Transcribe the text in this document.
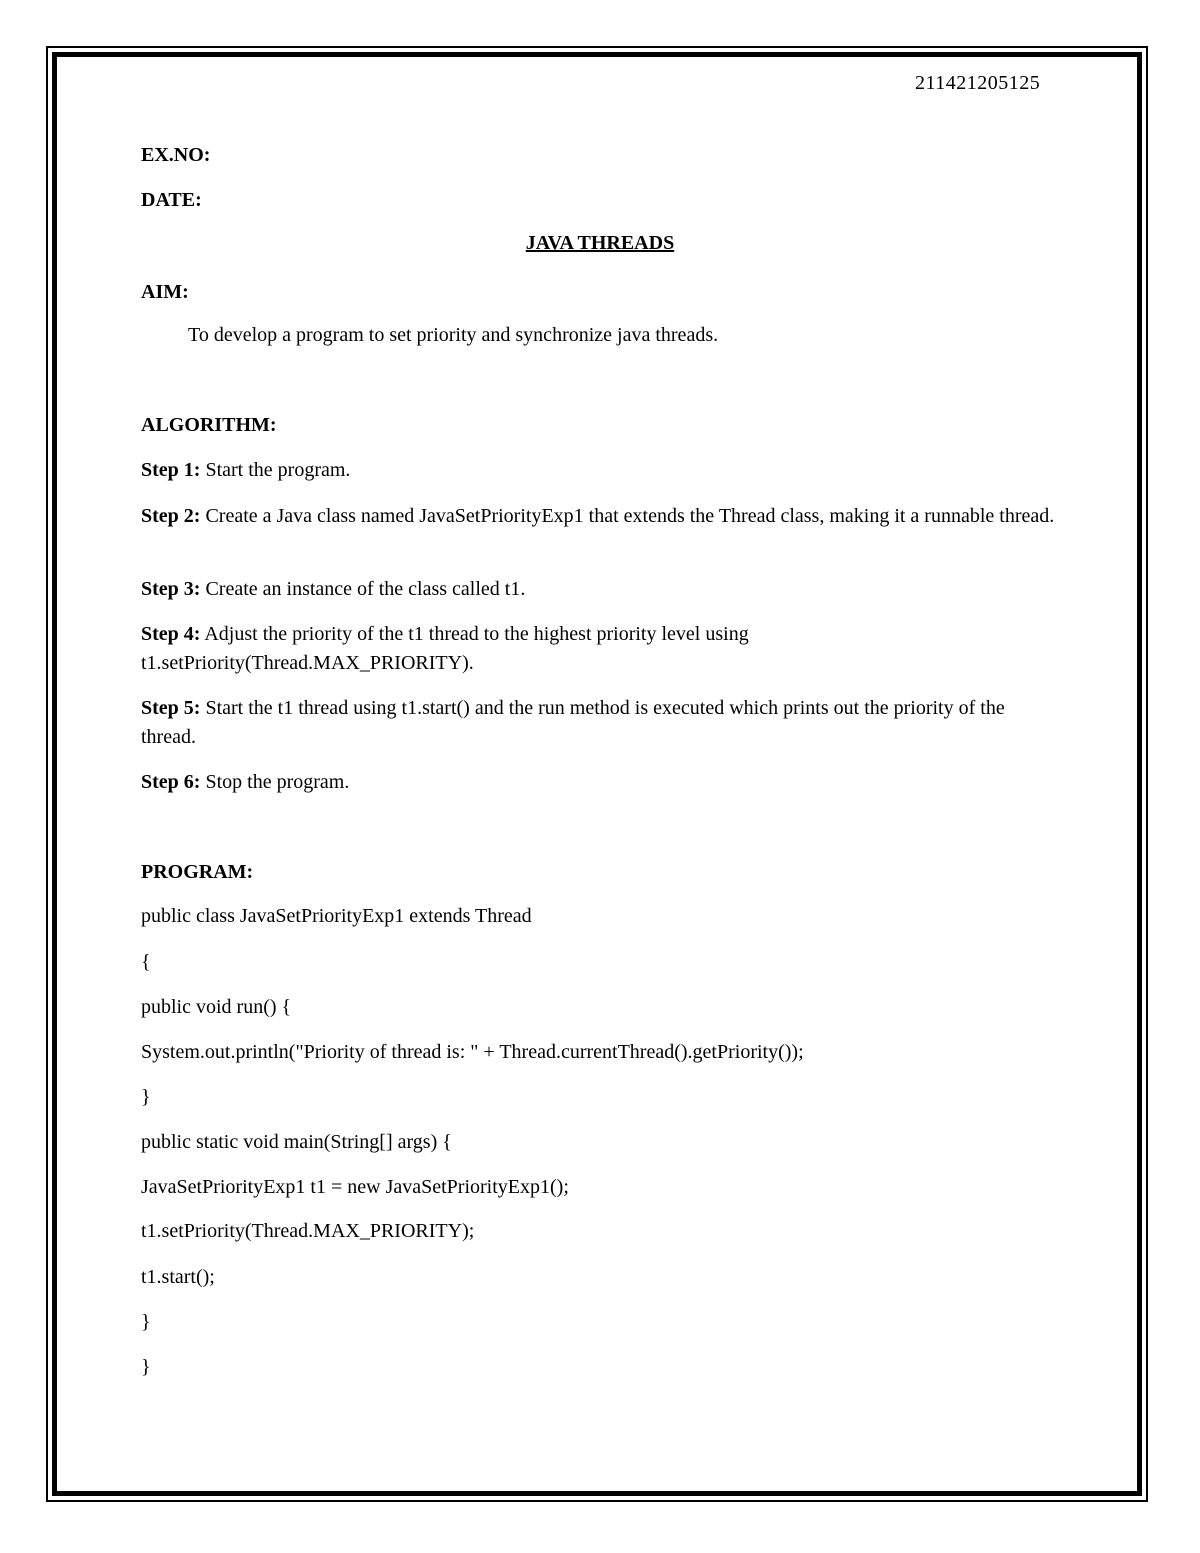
211421205125
EX.NO:
DATE:
JAVA THREADS
AIM:
To develop a program to set priority and synchronize java threads.
ALGORITHM:
Step 1: Start the program.
Step 2: Create a Java class named JavaSetPriorityExp1 that extends the Thread class, making it a runnable thread.
Step 3: Create an instance of the class called t1.
Step 4: Adjust the priority of the t1 thread to the highest priority level using t1.setPriority(Thread.MAX_PRIORITY).
Step 5: Start the t1 thread using t1.start() and the run method is executed which prints out the priority of the thread.
Step 6: Stop the program.
PROGRAM:
public class JavaSetPriorityExp1 extends Thread
{
public void run() {
System.out.println("Priority of thread is: " + Thread.currentThread().getPriority());
}
public static void main(String[] args) {
JavaSetPriorityExp1 t1 = new JavaSetPriorityExp1();
t1.setPriority(Thread.MAX_PRIORITY);
t1.start();
}
}
